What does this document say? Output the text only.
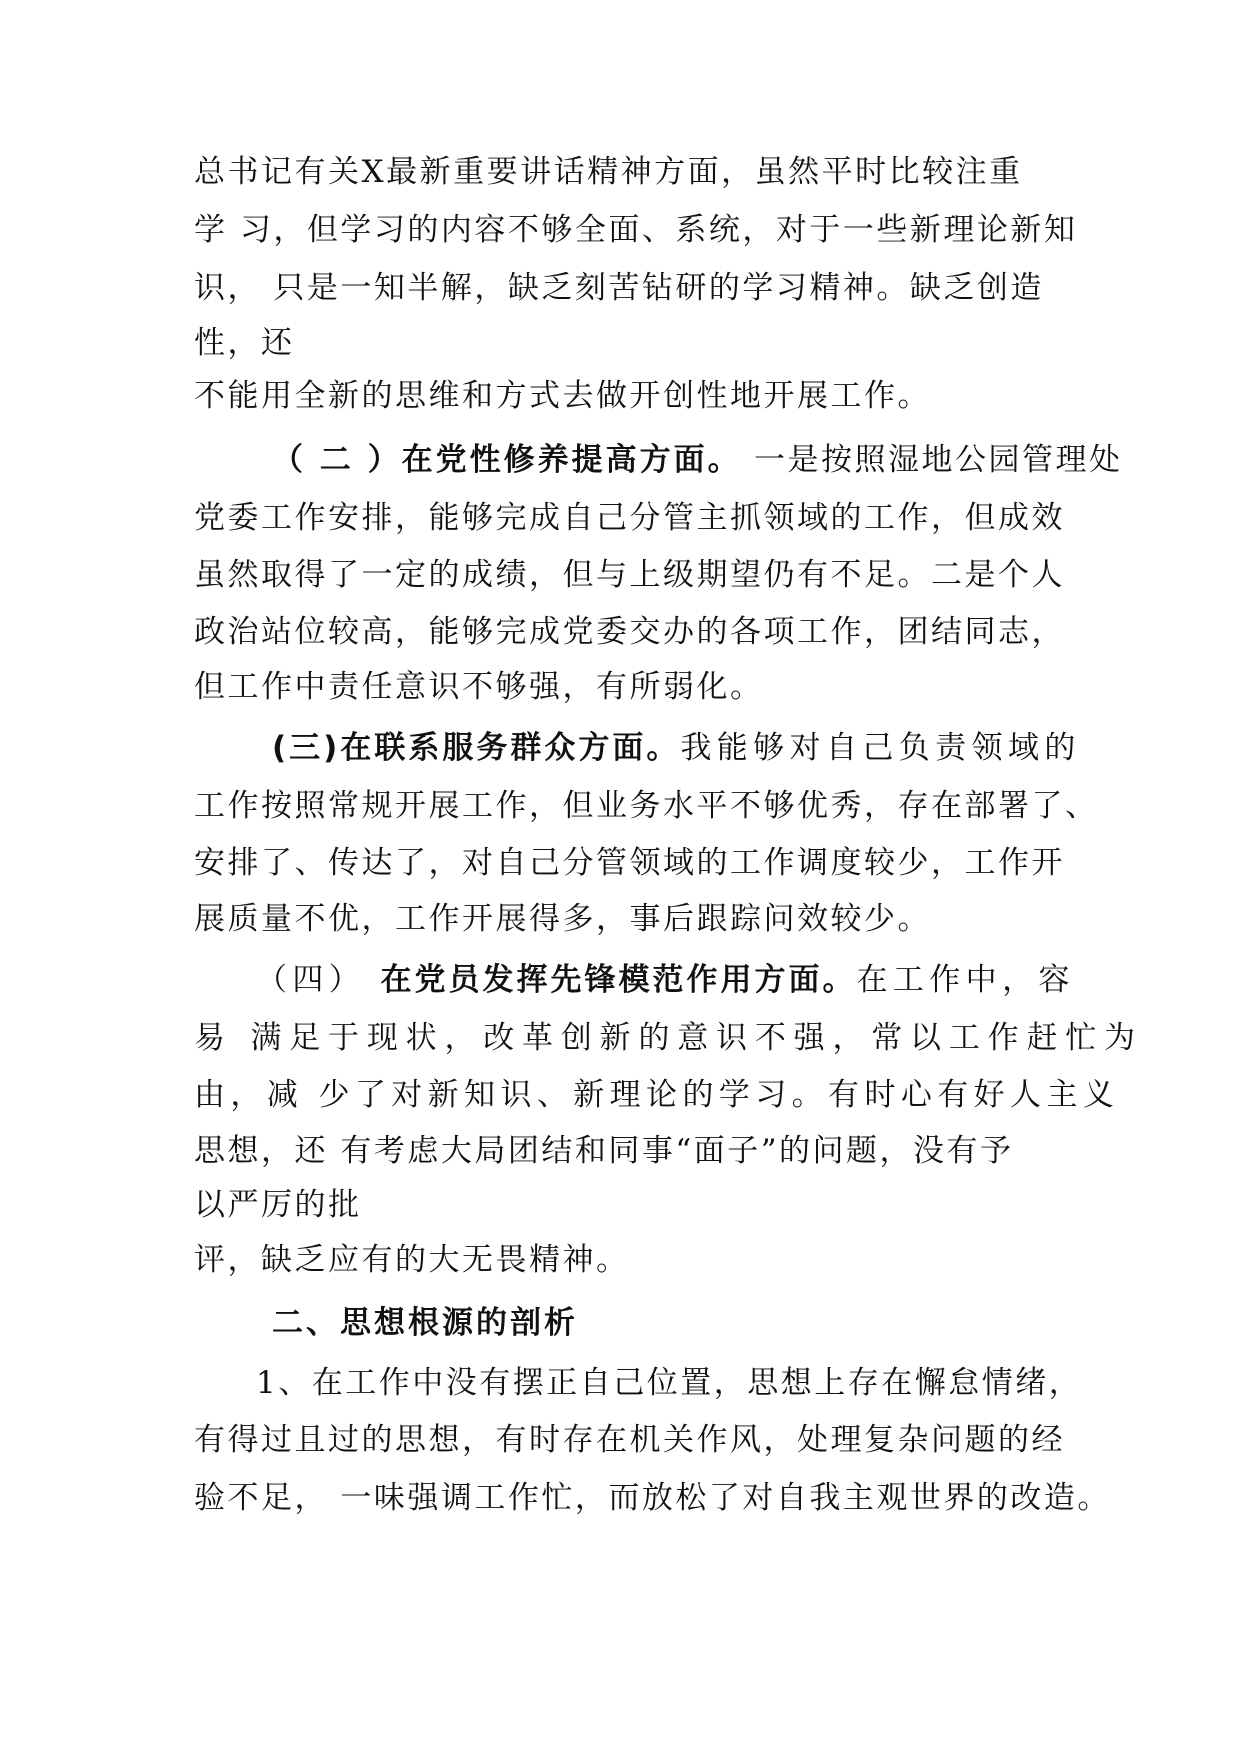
总书记有关X最新重要讲话精神方面，虽然平时比较注重
学 习，但学习的内容不够全面、系统，对于一些新理论新知
识， 只是一知半解，缺乏刻苦钻研的学习精神。缺乏创造
性，还
不能用全新的思维和方式去做开创性地开展工作。
（ 二 ）在党性修养提高方面。 一是按照湿地公园管理处
党委工作安排，能够完成自己分管主抓领域的工作，但成效
虽然取得了一定的成绩，但与上级期望仍有不足。二是个人
政治站位较高，能够完成党委交办的各项工作，团结同志，
但工作中责任意识不够强，有所弱化。
(三)在联系服务群众方面。我能够对自己负责领域的
工作按照常规开展工作，但业务水平不够优秀，存在部署了、
安排了、传达了，对自己分管领域的工作调度较少，工作开
展质量不优，工作开展得多，事后跟踪问效较少。
（四） 在党员发挥先锋模范作用方面。在工作中，容
易 满足于现状，改革创新的意识不强，常以工作赶忙为
由，减 少了对新知识、新理论的学习。有时心有好人主义
思想，还 有考虑大局团结和同事“面子”的问题，没有予
以严厉的批
评，缺乏应有的大无畏精神。
二、思想根源的剖析
1、在工作中没有摆正自己位置，思想上存在懈怠情绪，
有得过且过的思想，有时存在机关作风，处理复杂问题的经
验不足， 一味强调工作忙，而放松了对自我主观世界的改造。
